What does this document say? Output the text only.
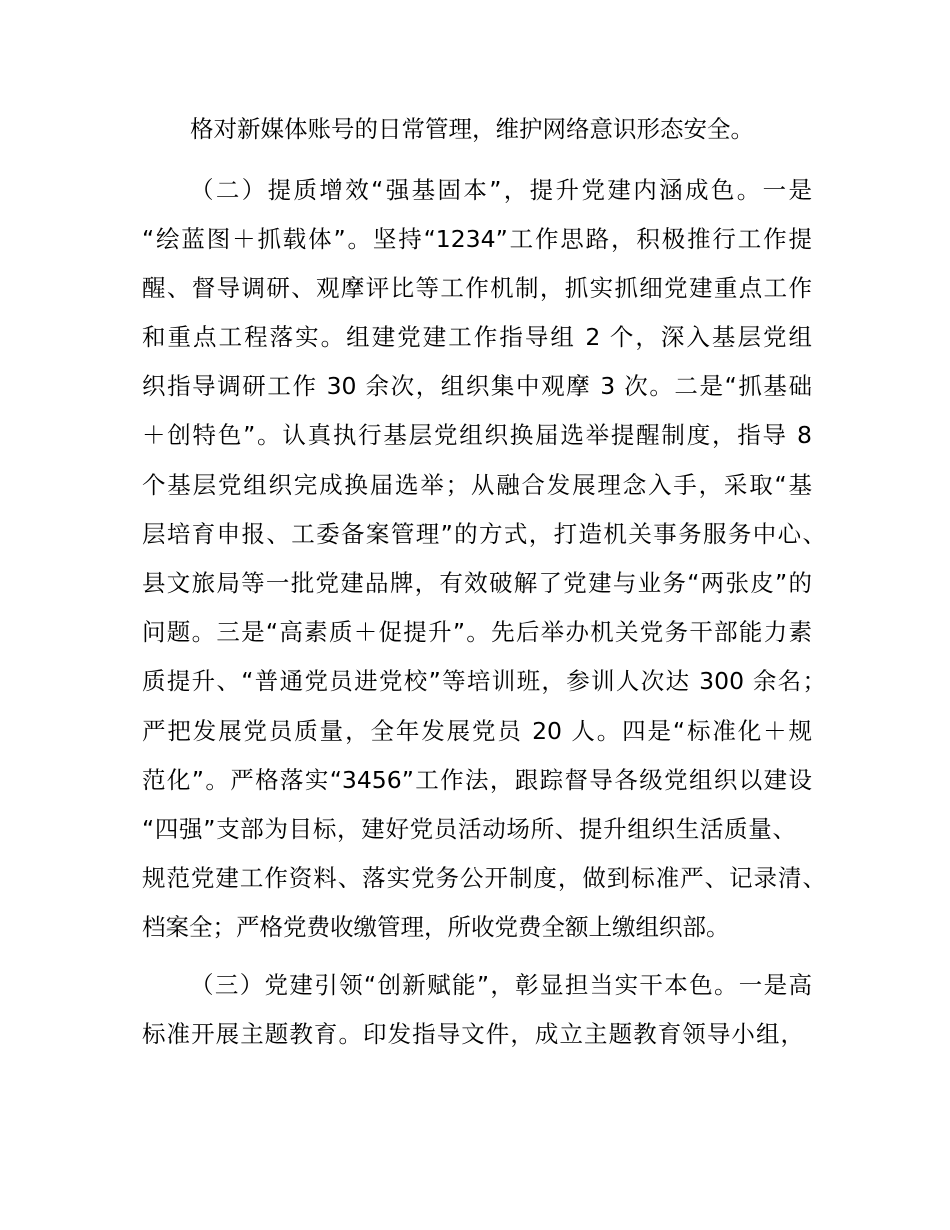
格对新媒体账号的日常管理，维护网络意识形态安全。
（二）提质增效“强基固本”，提升党建内涵成色。一是
“绘蓝图＋抓载体”。坚持“1234”工作思路，积极推行工作提
醒、督导调研、观摩评比等工作机制，抓实抓细党建重点工作
和重点工程落实。组建党建工作指导组 2 个，深入基层党组
织指导调研工作 30 余次，组织集中观摩 3 次。二是“抓基础
＋创特色”。认真执行基层党组织换届选举提醒制度，指导 8
个基层党组织完成换届选举；从融合发展理念入手，采取“基
层培育申报、工委备案管理”的方式，打造机关事务服务中心、
县文旅局等一批党建品牌，有效破解了党建与业务“两张皮”的
问题。三是“高素质＋促提升”。先后举办机关党务干部能力素
质提升、“普通党员进党校”等培训班，参训人次达 300 余名；
严把发展党员质量，全年发展党员 20 人。四是“标准化＋规
范化”。严格落实“3456”工作法，跟踪督导各级党组织以建设
“四强”支部为目标，建好党员活动场所、提升组织生活质量、
规范党建工作资料、落实党务公开制度，做到标准严、记录清、
档案全；严格党费收缴管理，所收党费全额上缴组织部。
（三）党建引领“创新赋能”，彰显担当实干本色。一是高
标准开展主题教育。印发指导文件，成立主题教育领导小组，
